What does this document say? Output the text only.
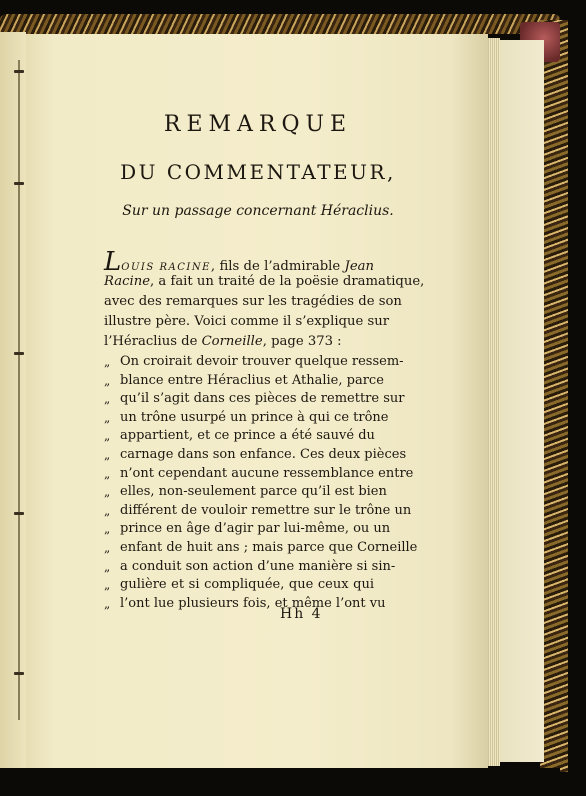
REMARQUE
DU COMMENTATEUR,
Sur un passage concernant Héraclius.
LOUIS RACINE, fils de l’admirable Jean
Racine, a fait un traité de la poësie dramatique,
avec des remarques sur les tragédies de son
illustre père. Voici comme il s’explique sur
l’Héraclius de Corneille, page 373 :
„ On croirait devoir trouver quelque ressem-
„ blance entre Héraclius et Athalie, parce
„ qu’il s’agit dans ces pièces de remettre sur
„ un trône usurpé un prince à qui ce trône
„ appartient, et ce prince a été sauvé du
„ carnage dans son enfance. Ces deux pièces
„ n’ont cependant aucune ressemblance entre
„ elles, non-seulement parce qu’il est bien
„ différent de vouloir remettre sur le trône un
„ prince en âge d’agir par lui-même, ou un
„ enfant de huit ans ; mais parce que Corneille
„ a conduit son action d’une manière si sin-
„ gulière et si compliquée, que ceux qui
„ l’ont lue plusieurs fois, et même l’ont vu
Hh 4
